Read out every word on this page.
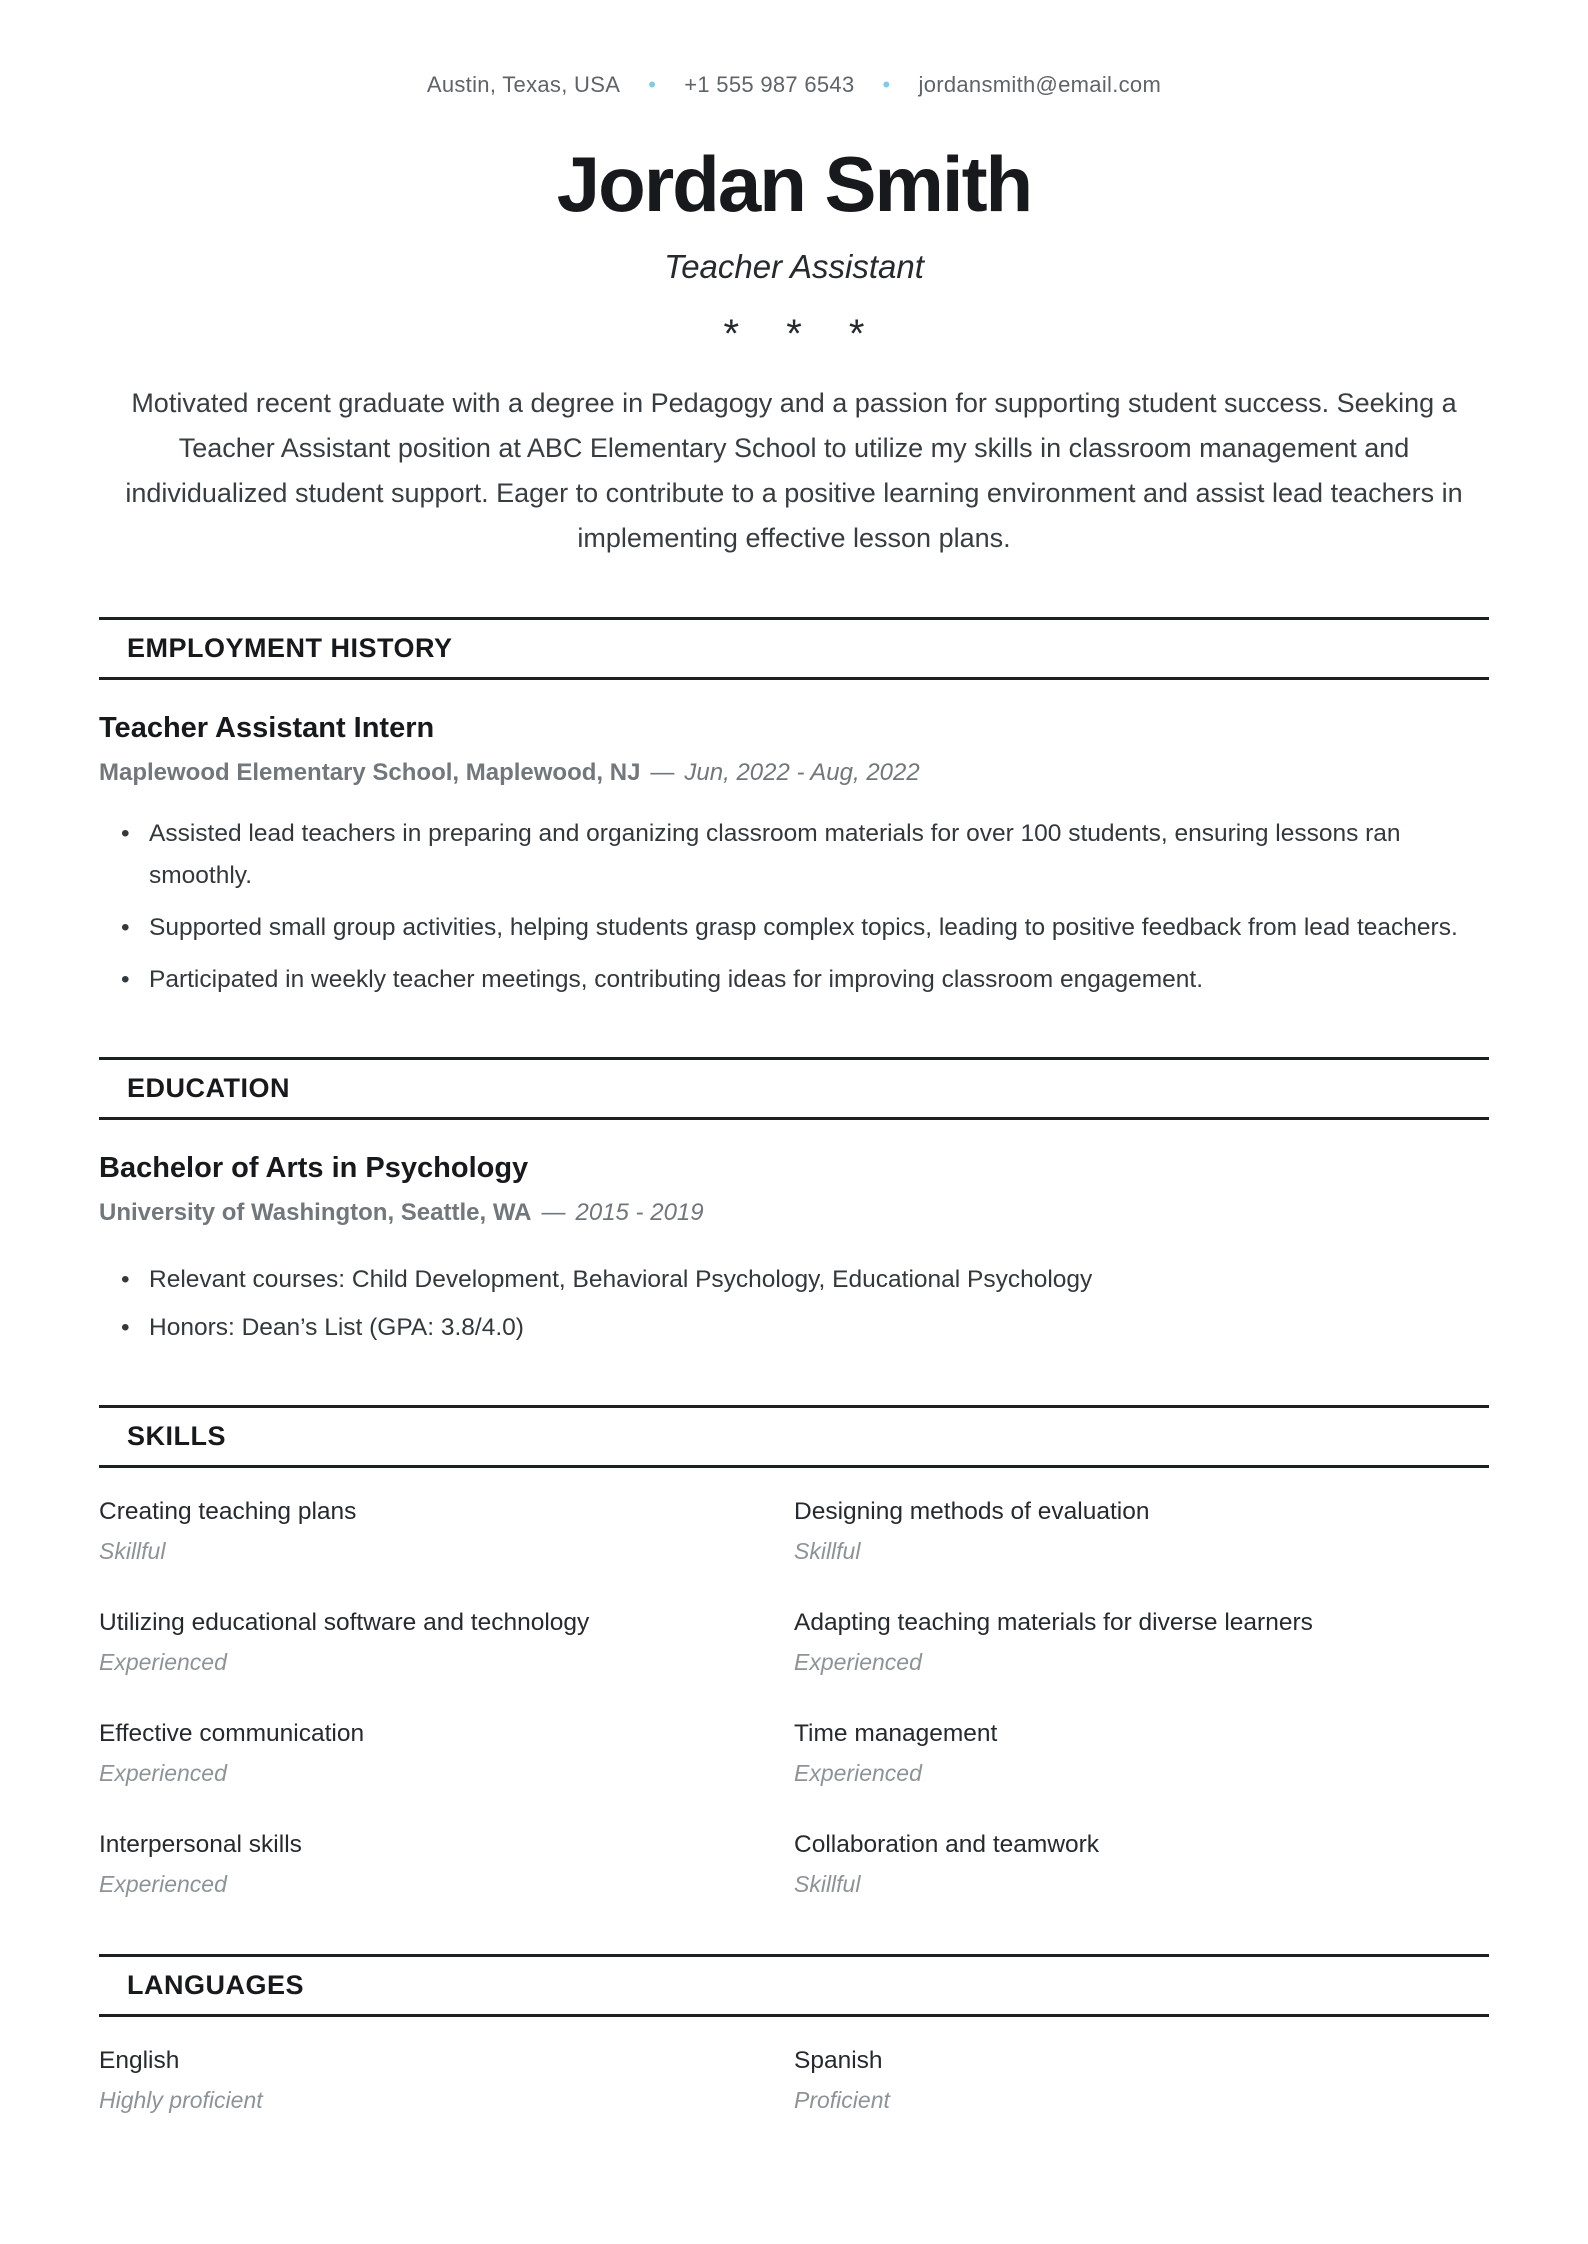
Austin, Texas, USA • +1 555 987 6543 • jordansmith@email.com
Jordan Smith
Teacher Assistant
* * *

Motivated recent graduate with a degree in Pedagogy and a passion for supporting student success. Seeking a Teacher Assistant position at ABC Elementary School to utilize my skills in classroom management and individualized student support. Eager to contribute to a positive learning environment and assist lead teachers in implementing effective lesson plans.

EMPLOYMENT HISTORY
Teacher Assistant Intern
Maplewood Elementary School, Maplewood, NJ — Jun, 2022 - Aug, 2022
• Assisted lead teachers in preparing and organizing classroom materials for over 100 students, ensuring lessons ran smoothly.
• Supported small group activities, helping students grasp complex topics, leading to positive feedback from lead teachers.
• Participated in weekly teacher meetings, contributing ideas for improving classroom engagement.
EDUCATION
Bachelor of Arts in Psychology
University of Washington, Seattle, WA — 2015 - 2019
• Relevant courses: Child Development, Behavioral Psychology, Educational Psychology
• Honors: Dean’s List (GPA: 3.8/4.0)
SKILLS
Creating teaching plans
Skillful
Designing methods of evaluation
Skillful
Utilizing educational software and technology
Experienced
Adapting teaching materials for diverse learners
Experienced
Effective communication
Experienced
Time management
Experienced
Interpersonal skills
Experienced
Collaboration and teamwork
Skillful
LANGUAGES
English
Highly proficient
Spanish
Proficient
